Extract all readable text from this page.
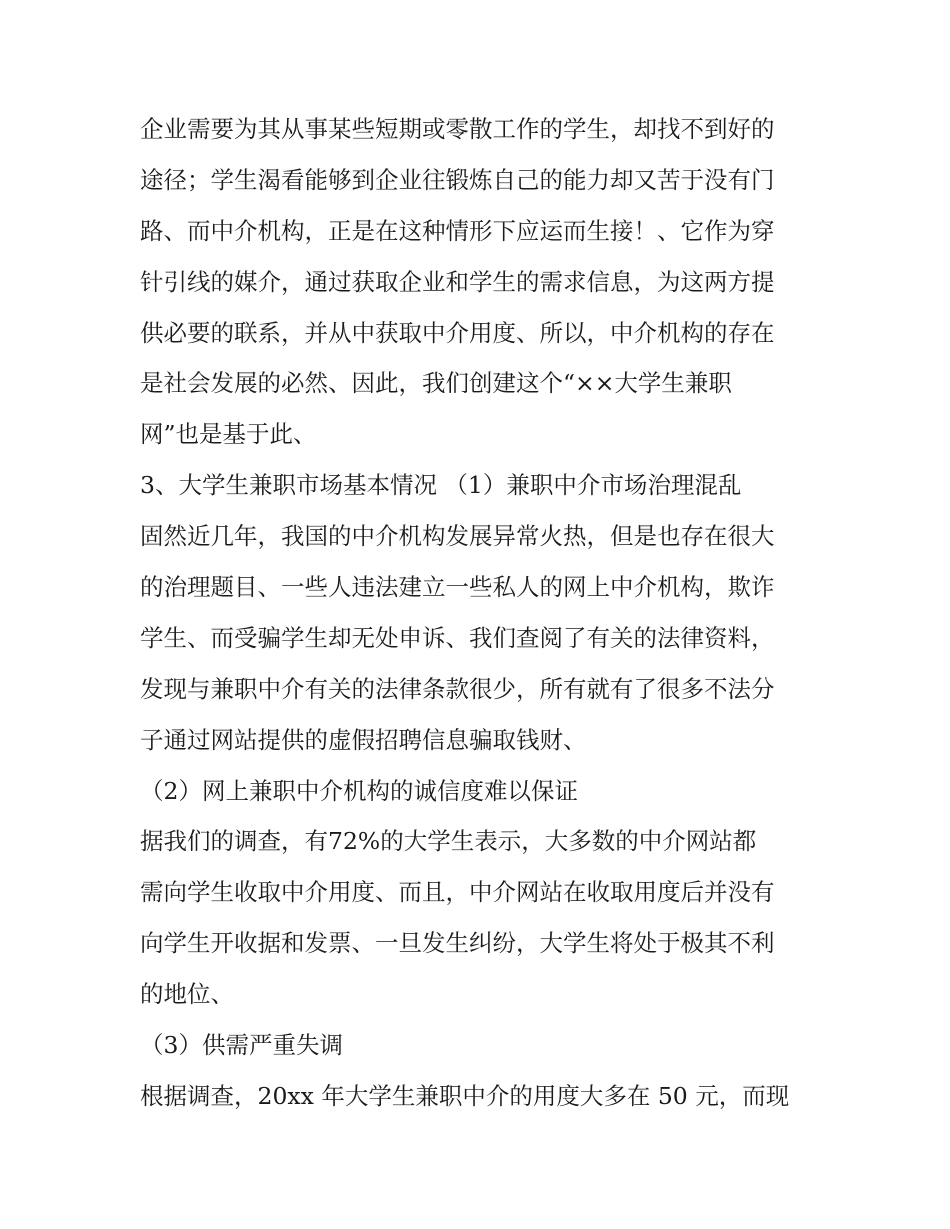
企业需要为其从事某些短期或零散工作的学生，却找不到好的
途径；学生渴看能够到企业往锻炼自己的能力却又苦于没有门
路、而中介机构，正是在这种情形下应运而生接！、它作为穿
针引线的媒介，通过获取企业和学生的需求信息，为这两方提
供必要的联系，并从中获取中介用度、所以，中介机构的存在
是社会发展的必然、因此，我们创建这个“××大学生兼职
网”也是基于此、
3、大学生兼职市场基本情况 （1）兼职中介市场治理混乱
固然近几年，我国的中介机构发展异常火热，但是也存在很大
的治理题目、一些人违法建立一些私人的网上中介机构，欺诈
学生、而受骗学生却无处申诉、我们查阅了有关的法律资料，
发现与兼职中介有关的法律条款很少，所有就有了很多不法分
子通过网站提供的虚假招聘信息骗取钱财、
（2）网上兼职中介机构的诚信度难以保证
据我们的调查，有72%的大学生表示，大多数的中介网站都
需向学生收取中介用度、而且，中介网站在收取用度后并没有
向学生开收据和发票、一旦发生纠纷，大学生将处于极其不利
的地位、
（3）供需严重失调
根据调查，20xx 年大学生兼职中介的用度大多在 50 元，而现
